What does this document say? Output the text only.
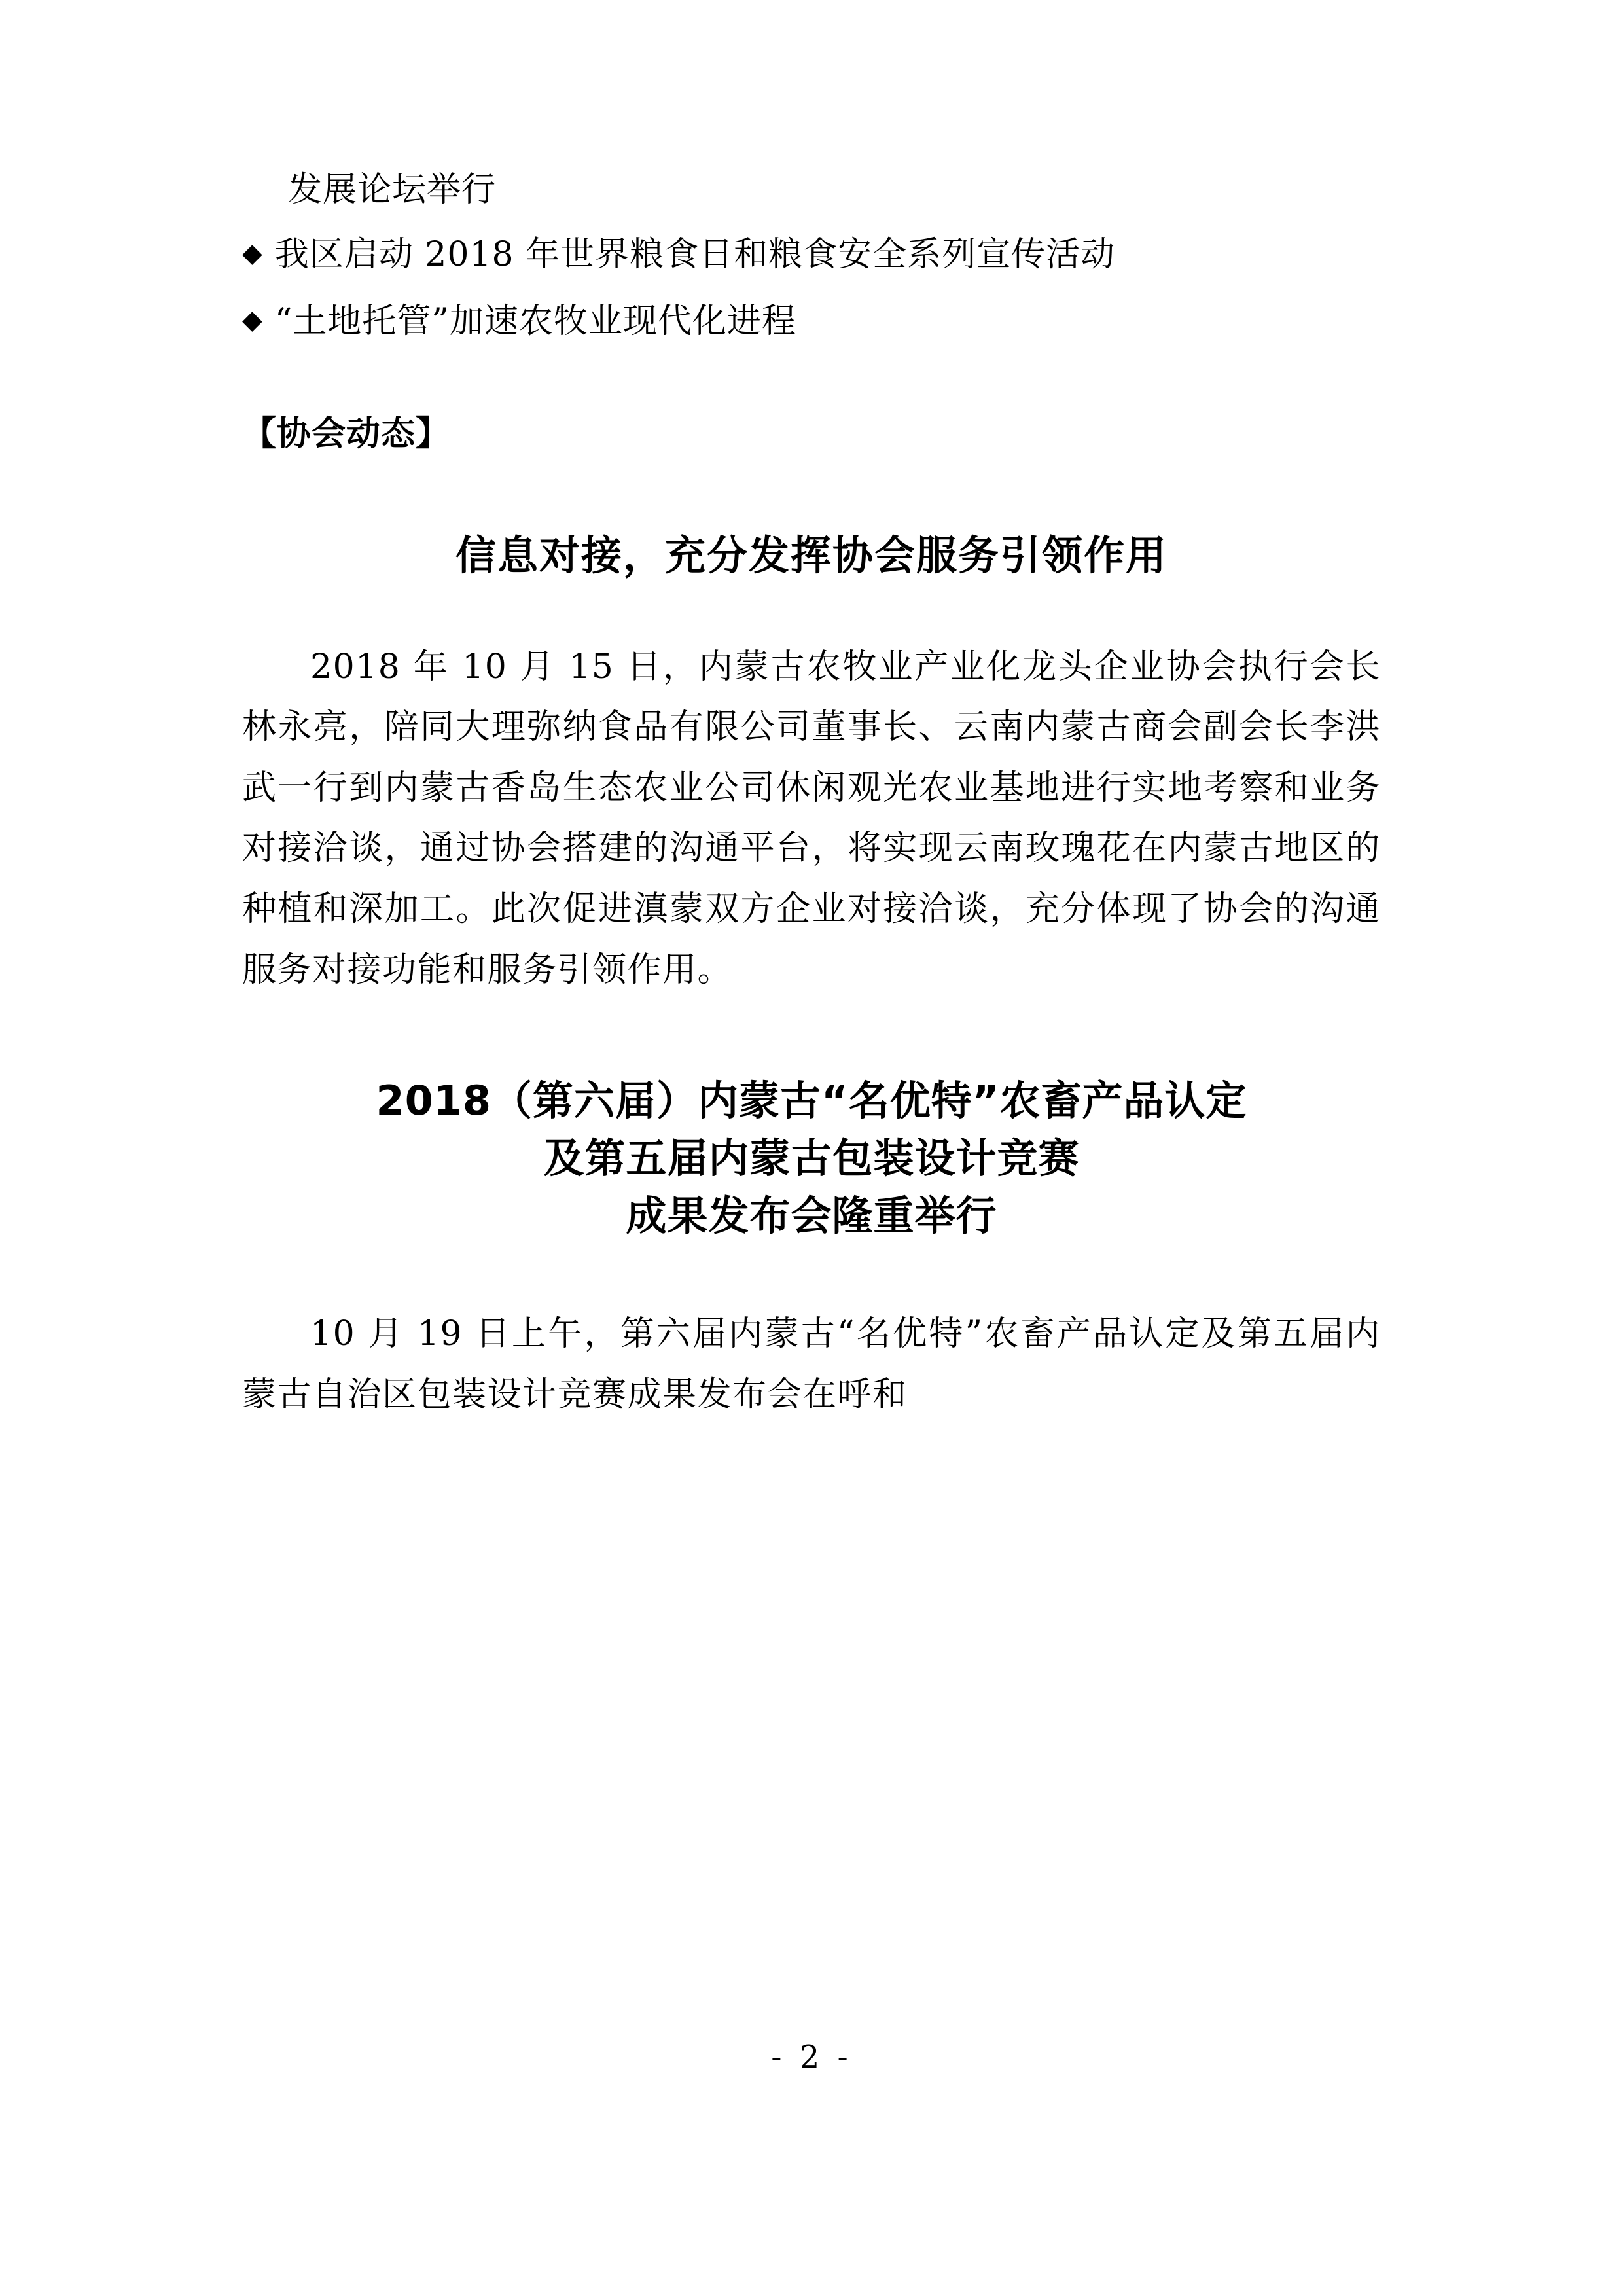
发展论坛举行
◆ 我区启动 2018 年世界粮食日和粮食安全系列宣传活动
◆ “土地托管”加速农牧业现代化进程
【协会动态】
信息对接，充分发挥协会服务引领作用
2018 年 10 月 15 日，内蒙古农牧业产业化龙头企业协会执行会长林永亮，陪同大理弥纳食品有限公司董事长、云南内蒙古商会副会长李洪武一行到内蒙古香岛生态农业公司休闲观光农业基地进行实地考察和业务对接洽谈，通过协会搭建的沟通平台，将实现云南玫瑰花在内蒙古地区的种植和深加工。此次促进滇蒙双方企业对接洽谈，充分体现了协会的沟通服务对接功能和服务引领作用。
2018（第六届）内蒙古“名优特”农畜产品认定
及第五届内蒙古包装设计竞赛
成果发布会隆重举行
10 月 19 日上午，第六届内蒙古“名优特”农畜产品认定及第五届内蒙古自治区包装设计竞赛成果发布会在呼和
- 2 -
